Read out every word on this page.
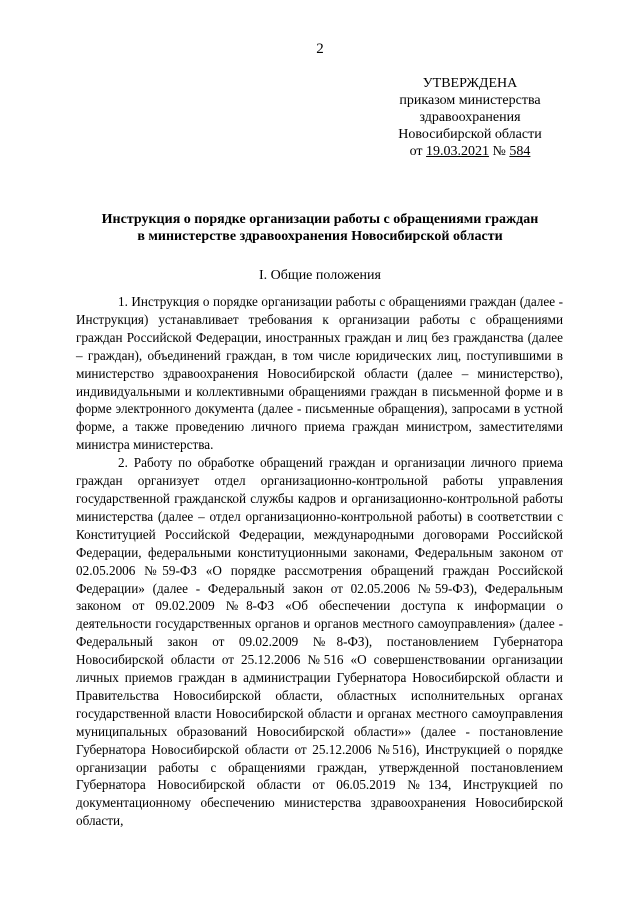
2
УТВЕРЖДЕНА
приказом министерства
здравоохранения
Новосибирской области
от 19.03.2021 № 584
Инструкция о порядке организации работы с обращениями граждан
в министерстве здравоохранения Новосибирской области
I. Общие положения

1. Инструкция о порядке организации работы с обращениями граждан (далее - Инструкция) устанавливает требования к организации работы с обращениями граждан Российской Федерации, иностранных граждан и лиц без гражданства (далее – граждан), объединений граждан, в том числе юридических лиц, поступившими в министерство здравоохранения Новосибирской области (далее – министерство), индивидуальными и коллективными обращениями граждан в письменной форме и в форме электронного документа (далее - письменные обращения), запросами в устной форме, а также проведению личного приема граждан министром, заместителями министра министерства.

2. Работу по обработке обращений граждан и организации личного приема граждан организует отдел организационно-контрольной работы управления государственной гражданской службы кадров и организационно-контрольной работы министерства (далее – отдел организационно-контрольной работы) в соответствии с Конституцией Российской Федерации, международными договорами Российской Федерации, федеральными конституционными законами, Федеральным законом от 02.05.2006 №59-ФЗ «О порядке рассмотрения обращений граждан Российской Федерации» (далее - Федеральный закон от 02.05.2006 №59-ФЗ), Федеральным законом от 09.02.2009 №8-ФЗ «Об обеспечении доступа к информации о деятельности государственных органов и органов местного самоуправления» (далее - Федеральный закон от 09.02.2009 №8-ФЗ), постановлением Губернатора Новосибирской области от 25.12.2006 №516 «О совершенствовании организации личных приемов граждан в администрации Губернатора Новосибирской области и Правительства Новосибирской области, областных исполнительных органах государственной власти Новосибирской области и органах местного самоуправления муниципальных образований Новосибирской области»» (далее - постановление Губернатора Новосибирской области от 25.12.2006 №516), Инструкцией о порядке организации работы с обращениями граждан, утвержденной постановлением Губернатора Новосибирской области от 06.05.2019 №134, Инструкцией по документационному обеспечению министерства здравоохранения Новосибирской области,
